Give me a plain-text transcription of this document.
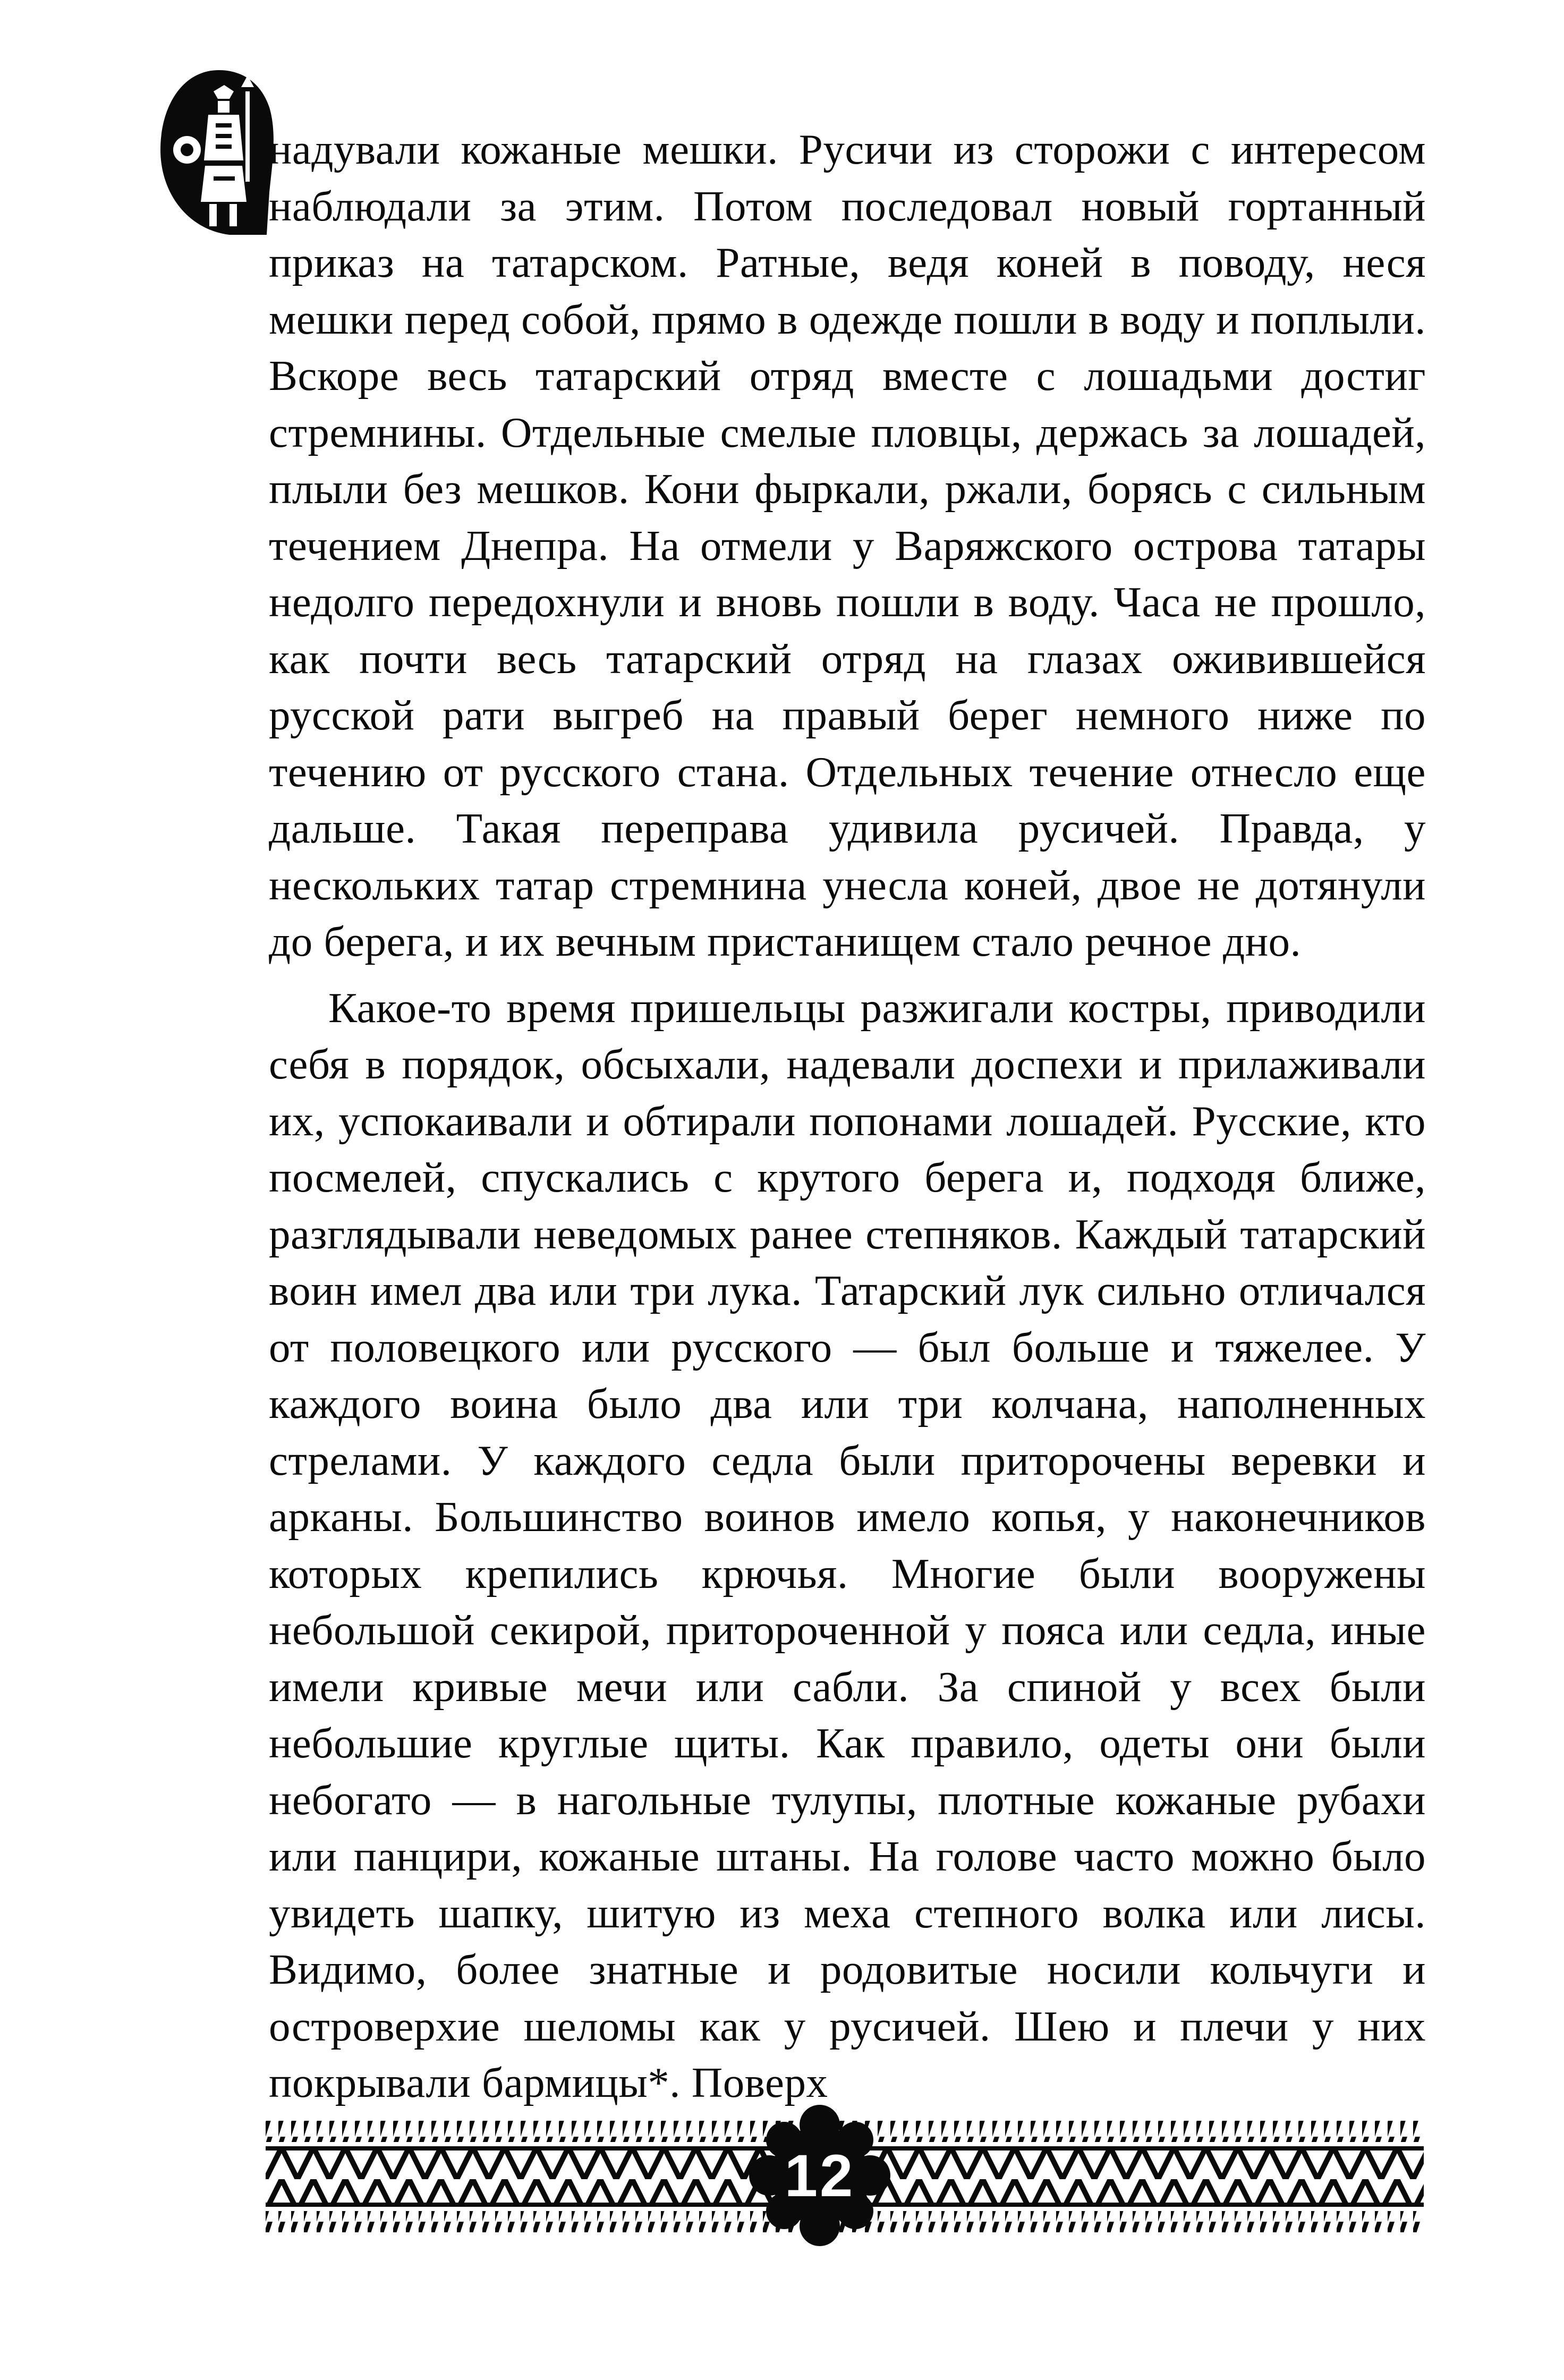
надували кожаные мешки. Русичи из сторожи с интересом наблюдали за этим. Потом последовал новый гортанный приказ на татарском. Ратные, ведя коней в поводу, неся мешки перед собой, прямо в одежде пошли в воду и поплыли. Вскоре весь татарский отряд вместе с лошадьми достиг стремнины. Отдельные смелые пловцы, держась за лошадей, плыли без мешков. Кони фыркали, ржали, борясь с сильным течением Днепра. На отмели у Варяжского острова татары недолго передохнули и вновь пошли в воду. Часа не прошло, как почти весь татарский отряд на глазах оживившейся русской рати выгреб на правый берег немного ниже по течению от русского стана. Отдельных течение отнесло еще дальше. Такая переправа удивила русичей. Правда, у нескольких татар стремнина унесла коней, двое не дотянули до берега, и их вечным пристанищем стало речное дно.

Какое-то время пришельцы разжигали костры, приводили себя в порядок, обсыхали, надевали доспехи и прилаживали их, успокаивали и обтирали попонами лошадей. Русские, кто посмелей, спускались с крутого берега и, подходя ближе, разглядывали неведомых ранее степняков. Каждый татарский воин имел два или три лука. Татарский лук сильно отличался от половецкого или русского — был больше и тяжелее. У каждого воина было два или три колчана, наполненных стрелами. У каждого седла были приторочены веревки и арканы. Большинство воинов имело копья, у наконечников которых крепились крючья. Многие были вооружены небольшой секирой, притороченной у пояса или седла, иные имели кривые мечи или сабли. За спиной у всех были небольшие круглые щиты. Как правило, одеты они были небогато — в нагольные тулупы, плотные кожаные рубахи или панцири, кожаные штаны. На голове часто можно было увидеть шапку, шитую из меха степного волка или лисы. Видимо, более знатные и родовитые носили кольчуги и островерхие шеломы как у русичей. Шею и плечи у них покрывали бармицы*. Поверх

12
